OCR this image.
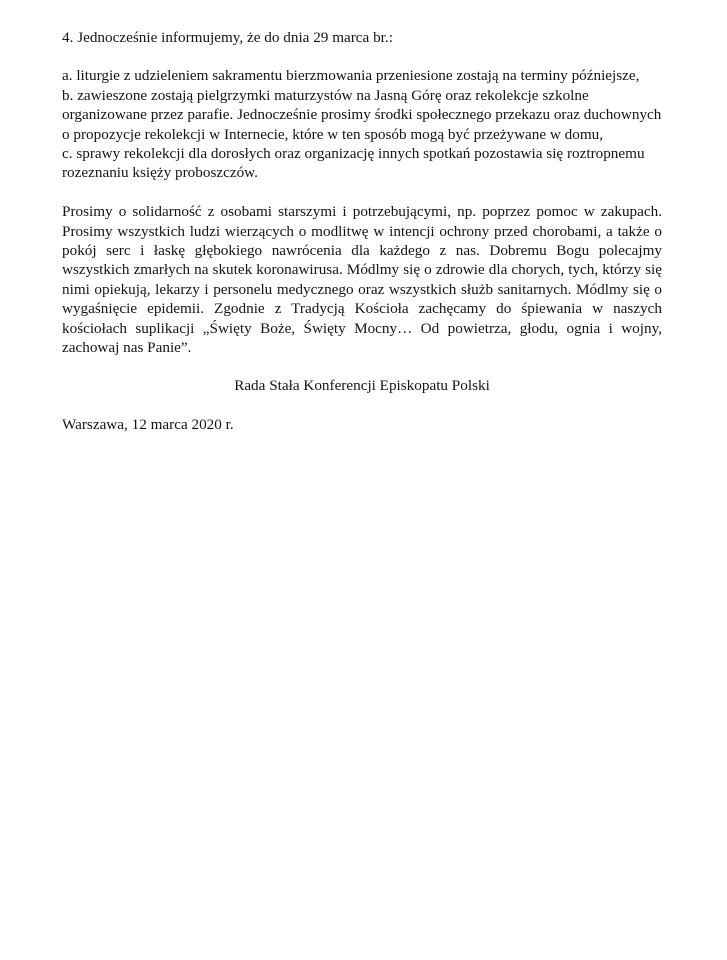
4. Jednocześnie informujemy, że do dnia 29 marca br.:

a. liturgie z udzieleniem sakramentu bierzmowania przeniesione zostają na terminy późniejsze,

b. zawieszone zostają pielgrzymki maturzystów na Jasną Górę oraz rekolekcje szkolne organizowane przez parafie. Jednocześnie prosimy środki społecznego przekazu oraz duchownych o propozycje rekolekcji w Internecie, które w ten sposób mogą być przeżywane w domu,

c. sprawy rekolekcji dla dorosłych oraz organizację innych spotkań pozostawia się roztropnemu rozeznaniu księży proboszczów.

Prosimy o solidarność z osobami starszymi i potrzebującymi, np. poprzez pomoc w zakupach. Prosimy wszystkich ludzi wierzących o modlitwę w intencji ochrony przed chorobami, a także o pokój serc i łaskę głębokiego nawrócenia dla każdego z nas. Dobremu Bogu polecajmy wszystkich zmarłych na skutek koronawirusa. Módlmy się o zdrowie dla chorych, tych, którzy się nimi opiekują, lekarzy i personelu medycznego oraz wszystkich służb sanitarnych. Módlmy się o wygaśnięcie epidemii. Zgodnie z Tradycją Kościoła zachęcamy do śpiewania w naszych kościołach suplikacji „Święty Boże, Święty Mocny… Od powietrza, głodu, ognia i wojny, zachowaj nas Panie”.

Rada Stała Konferencji Episkopatu Polski

Warszawa, 12 marca 2020 r.
